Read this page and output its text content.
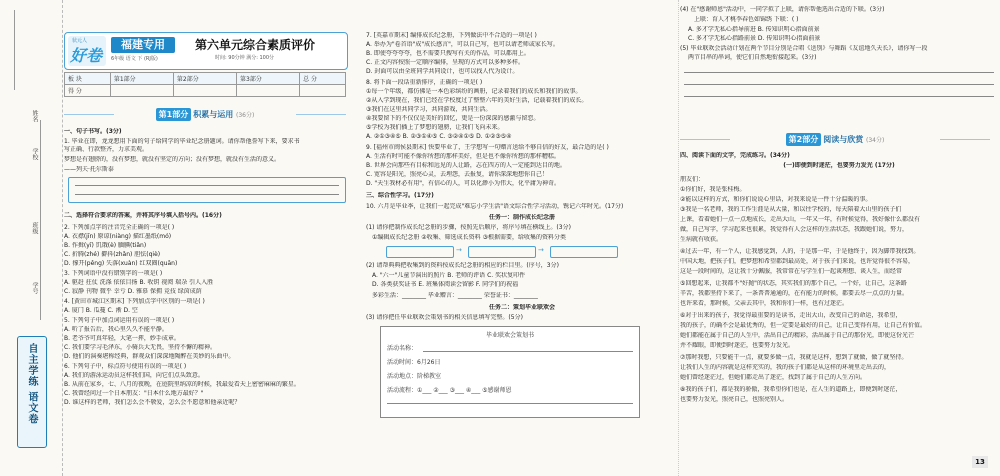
姓名
学校
班级
学号
自主学练 语文卷
状元人
好卷
福建专用
6年级 语文 下 (RJ版)
第六单元综合素质评价
时间: 90分钟 满分: 100分
板 块	第1部分	第2部分	第3部分	总 分
得 分				
第1部分 积累与运用 (36分)
一、句子书写。(3分)
1. 毕业在即，龙龙想用下面的句子给同学的毕业纪念册题词。请你帮他誊写下来，要求书
写正确、行款整齐，力求美观。
梦想是有翅膀的，没有梦想，就没有坚定的方向；没有梦想，就没有生活的意义。
——列夫·托尔斯泰
二、选择符合要求的答案，并将其序号填入括号内。(16分)
2. 下列加点字的注音完全正确的一项是( )
A. 衣襟(jīn) 原谅(niàng) 描红墨纸(mó)
B. 作揖(yī) 饥饿(è) 腼腆(tiǎn)
C. 折腾(zhé) 擗抖(zhǎn) 胆怯(qiè)
D. 撑开(pěng) 失落(xuàn) 红双圈(quān)
3. 下列词语中没有错别字的一项是( )
A. 驱赶 拄仗 洗涤 依依目扬 B. 收钥 视阅 瑞杂 引人入胜
C. 寂静 刊物 微乎 幸亏 D. 雅慕 保拥 竞技 绿茵成荫
4. [黄田市城江区期末] 下列加点字中区别的一项是( )
A. 厦门 B. 瓜蔓 C. 淅 D. 空
5. 下列句子中加点词运用有误的一项是( )
A. 听了报告后，我心里久久不能平静。
B. 老爷爷可真年轻，大笔一挥，妙手成章。
C. 我们要学习毛泽东，小骑兵大无畏，坚持不懈的精神。
D. 他们的演奏堪称经典，群观众们深深地陶醉在美妙的乐曲中。
6. 下列句子中，标点符号使用有误的一项是( )
A. 我们的游泳运动员这样我们国，向它们点头致意。
B. 从前在家乡，七、八月的夜晚，在庭院里纳凉的时候，我最爱看天上密密麻麻的繁星。
C. 我曾经问过一个日本朋友："日本什么地方最好？"
D. 谁这样的老师，我们怎么会不敬爱，怎么会不愿意和他亲近呢？
7. [英嘉市期末] 编排成长纪念册，下列做法中不合适的一项是( )
A. 举办为"卷首语"成"成长感言"，可以自己写，也可以请老师或家长写。
B. 即使夸夸夸夸，也不需要只搜写有关的作品，可以都用上。
C. 正文内容按照一定顺序编排，呈现的方式可以多种多样。
D. 封面可以由全班同学共同设计，也可以找人代为设计。
8. 将下面一段话重新排序，正确的一项是( )
①每一个年级，都仿佛是一本色彩缤纷的画册，记录着我们的成长和我们的故事。
②从入学到现在，我们已经在学校度过了整整六年的美好生活，记载着我们的成长。
③我们在这里共同学习，共同游戏，共同生活。
④我要留下的不仅仅是美好的回忆，更是一份深深的感激与留恋。
⑤学校为我们插上了梦想的翅膀，让我们飞向未来。
A. ②①③④⑤ B. ②③①④⑤ C. ③②④①⑤ D. ①②③⑤④
9. [福州市闽侯县期末] 快要毕业了，王学想写一句赠言送给不够自信的好友，最合适的是( )
A. 生活有时可能不像你所想的那样美好，但是也不像你所想的那样糟糕。
B. 世界会向那些有目标和远见的人让路，志在四方的人一定能到达目的地。
C. 宽容是阳光，照亮心灵，去埋怨，去报复，请你深深地想你自己！
D. "天生我材必有用"，有信心的人，可以化渺小为伟大，化平庸为神奇。
三、综合性学习。(17分)
10. 六月是毕业季，让我们一起完成"难忘小学生活"语文综合性学习活动，镌记六年时光。(17分)
任务一：制作成长纪念册
(1) 请你把制作成长纪念册的步骤，按照先后顺序，将序号填在横线上。(3分)
①编辑成长纪念册 ②收集、筛选成长资料 ③根据需要，给收集的资料分类
→	→
(2) 请帮典典把收集到的资料按成长纪念册的相应的栏目里。(序号，3分)
A. "六一"儿童节演出的照片 B. 老师的评语 C. 奖状复印件
D. 各类获奖证书 E. 班集体阅读会留影 F. 同学们的祝福
多彩生活：________ 毕业赠言：________ 荣誉证书：________
任务二：策划毕业联欢会
(3) 请你把任毕业联欢会策划书的相关信息填写完整。(5分)
毕业联欢会策划书
活动名称：
活动时间：6月26日
活动地点：阶梯教室
活动流程：①___ ②___ ③___ ④___ ⑤感谢师恩
(4) 在"感谢师恩"活动中，一同学拟了上联，请你帮他选出合适的下联。(3分)
上联：育人才桃李春色如锦绣 下联：( )
A. 多才学无私心指导前进 B. 传知识明心指面前景
C. 多才学无私心指路前景 D. 传知识明心指面前景
(5) 毕业联欢会活动计划在两个节目分别是合唱《送别》与舞蹈《友谊地久天长》，请你写一段
两节目串的串词，使它们自然地衔接起来。(3分)
第2部分 阅读与欣赏 (34分)
四、阅读下面的文字，完成练习。(34分)
(一)即便到时迷茫，也要努力发光 (17分)
朋友们：
①你们好，我是张桂梅。
②能以这样的方式，和你们说说心里话，对我来说是一件十分温暖的事。
③我是一名老师，我的工作生涯是从大量，和以往学校的，每天陪着大山里的孩子们
上课，看着她们一点一点地成长，走出大山，一年又一年，有时候觉得，我好像什么都没有
做，自己写字，学习起来也很累，我觉得有人会这样的生活状态，我跟她们说，努力，
生病就有收获。
④过去一年，有一个人，让我感觉到，人的，于是那一年，于是他终于，因为脚带我找到。
中国大地，把孩子们，把梦想和希望都到最高处，对于孩子们来说，也许觉得很不容易，
这是一段时间的，这让我十分佩服，我常常在与学生们一起谈理想、谈人生，而经常
⑤回想起来，让我都不"好抛"的状态，其实我们的那个自己，一个好，让自己，这条路
辛苦，我都坚持下来了，一条普普通通的，在有能力的时候，都要去尽一点点的力量。
也许来看，那时候，父亲去其中，我和你们一样，也有过迷茫。
⑥对于出来的孩子，我觉得最重要的是读书，走出大山，改变自己的命运，我希望，
我的孩子，的确不会是最优秀的，但一定要是最好的自己，让自己变得有用，让自己有价值。
她们都能在属于自己的人生中，活出自己的精彩，活出属于自己的那份光，即使这份光芒
并不耀眼，即便到时迷茫，也要努力发光。
⑦那时我想，只要能干一点，就要多做一点，我就是这样，想到了就做，做了就坚持。
让我们人生的内容就是这样充实的，我的孩子们都是从这样的环境里走出去的，
她们曾经迷茫过，但她们都走出了迷茫，找到了属于自己的人生方向。
⑧我的孩子们，都是我的骄傲，我希望你们也是，在人生的道路上，即便到时迷茫，
也要努力发光，照亮自己，也照亮别人。
13
